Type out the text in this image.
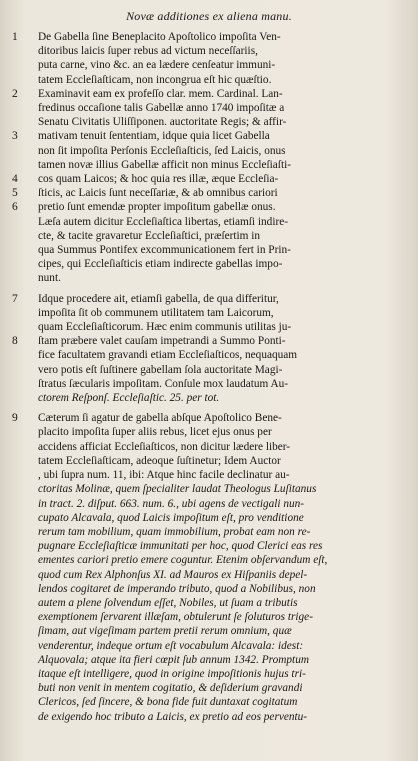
Novæ additiones ex aliena manu.
1	De Gabella ſine Beneplacito Apoſtolico impoſita Ven-
ditoribus laicis ſuper rebus ad victum neceſſariis,
puta carne, vino &c. an ea lædere cenſeatur immuni-
tatem Eccleſiaſticam, non incongrua eſt hic quæſtio.
2	Examinavit eam ex profeſſo clar. mem. Cardinal. Lan-
fredinus occaſione talis Gabellæ anno 1740 impoſitæ a
Senatu Civitatis Uliſſiponen. auctoritate Regis; & affir-
3	mativam tenuit ſententiam, idque quia licet Gabella
non ſit impoſita Perſonis Eccleſiaſticis, ſed Laicis, onus
tamen novæ illius Gabellæ afficit non minus Eccleſiaſti-
4	cos quam Laicos; & hoc quia res illæ, æque Eccleſia-
5	ſticis, ac Laicis ſunt neceſſariæ, & ab omnibus cariori
6	pretio ſunt emendæ propter impoſitum gabellæ onus.
Læſa autem dicitur Eccleſiaſtica libertas, etiamſi indire-
cte, & tacite gravaretur Eccleſiaſtici, præſertim in
qua Summus Pontifex excommunicationem fert in Prin-
cipes, qui Eccleſiaſticis etiam indirecte gabellas impo-
nunt.
7	Idque procedere ait, etiamſi gabella, de qua differitur,
impoſita ſit ob communem utilitatem tam Laicorum,
quam Eccleſiaſticorum. Hæc enim communis utilitas ju-
8	ſtam præbere valet cauſam impetrandi a Summo Ponti-
fice facultatem gravandi etiam Eccleſiaſticos, nequaquam
vero potis eſt ſuſtinere gabellam ſola auctoritate Magi-
ſtratus ſæcularis impoſitam. Conſule mox laudatum Au-
ctorem Reſponſ. Eccleſiaſtic. 25. per tot.
9	Cæterum ſi agatur de gabella abſque Apoſtolico Bene-
placito impoſita ſuper aliis rebus, licet ejus onus per
accidens afficiat Eccleſiaſticos, non dicitur lædere liber-
tatem Eccleſiaſticam, adeoque ſuſtinetur; Idem Auctor
, ubi ſupra num. 11, ibi: Atque hinc facile declinatur au-
ctoritas Molinæ, quem ſpecialiter laudat Theologus Luſitanus
in tract. 2. diſput. 663. num. 6., ubi agens de vectigali nun-
cupato Alcavala, quod Laicis impoſitum eſt, pro venditione
rerum tam mobilium, quam immobilium, probat eam non re-
pugnare Eccleſiaſticæ immunitati per hoc, quod Clerici eas res
ementes cariori pretio emere coguntur. Etenim obſervandum eſt,
quod cum Rex Alphonſus XI. ad Mauros ex Hiſpaniis depel-
lendos cogitaret de imperando tributo, quod a Nobilibus, non
autem a plene ſolvendum eſſet, Nobiles, ut ſuam a tributis
exemptionem ſervarent illæſam, obtulerunt ſe ſoluturos trige-
ſimam, aut vigeſimam partem pretii rerum omnium, quæ
venderentur, indeque ortum eſt vocabulum Alcavala: idest:
Alquovala; atque ita fieri cœpit ſub annum 1342. Promptum
itaque eſt intelligere, quod in origine impoſitionis hujus tri-
buti non venit in mentem cogitatio, & deſiderium gravandi
Clericos, ſed ſincere, & bona fide fuit duntaxat cogitatum
de exigendo hoc tributo a Laicis, ex pretio ad eos perventu-
